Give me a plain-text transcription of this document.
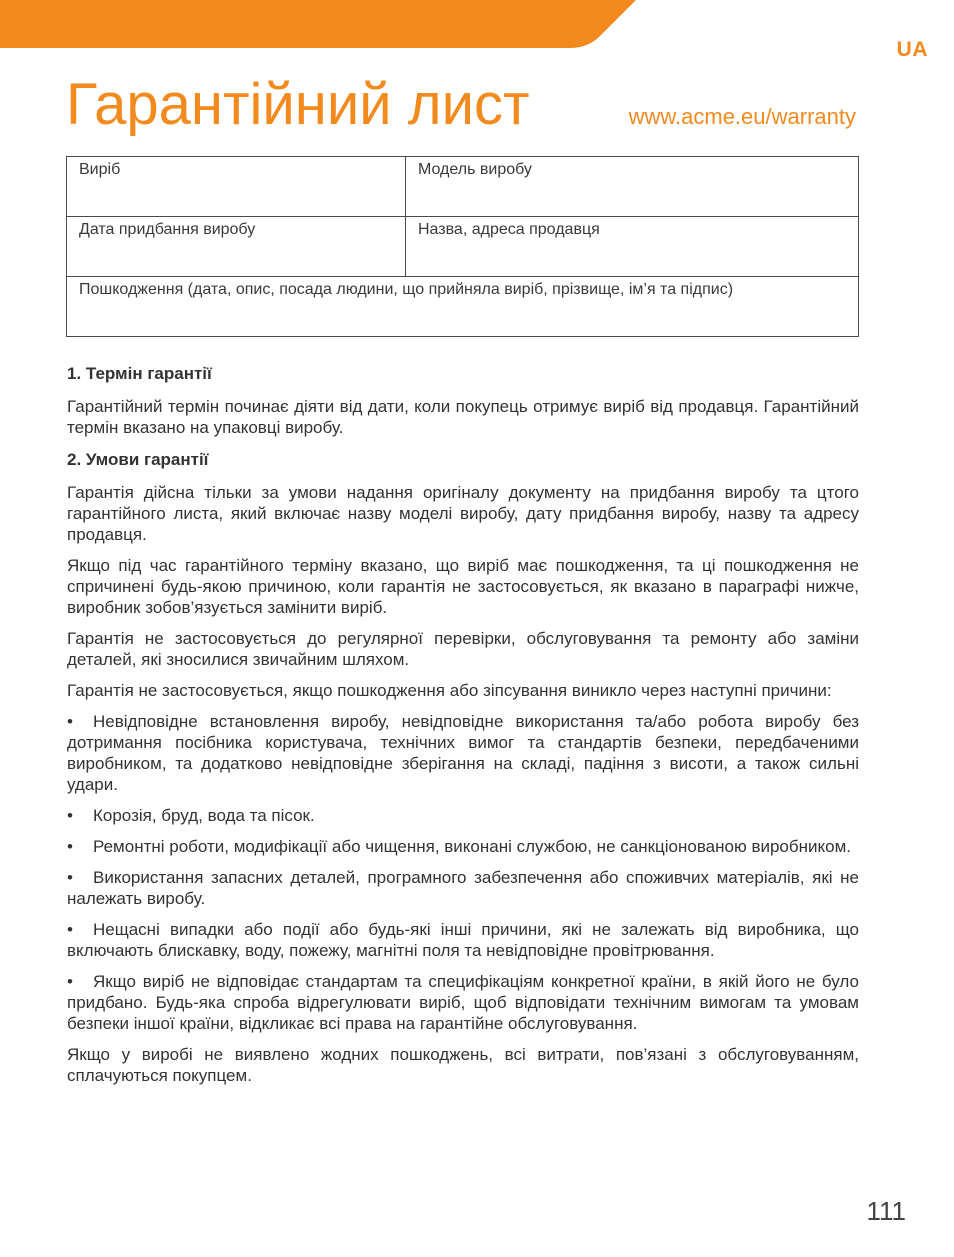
UA
Гарантійний лист	www.acme.eu/warranty
Виріб	Модель виробу
Дата придбання виробу	Назва, адреса продавця
Пошкодження (дата, опис, посада людини, що прийняла виріб, прізвище, ім’я та підпис)	
1. Термін гарантії

Гарантійний термін починає діяти від дати, коли покупець отримує виріб від продавця. Гарантійний термін вказано на упаковці виробу.

2. Умови гарантії

Гарантія дійсна тільки за умови надання оригіналу документу на придбання виробу та цтого гарантійного листа, який включає назву моделі виробу, дату придбання виробу, назву та адресу продавця.

Якщо під час гарантійного терміну вказано, що виріб має пошкодження, та ці пошкодження не спричинені будь-якою причиною, коли гарантія не застосовується, як вказано в параграфі нижче, виробник зобов’язується замінити виріб.

Гарантія не застосовується до регулярної перевірки, обслуговування та ремонту або заміни деталей, які зносилися звичайним шляхом.

Гарантія не застосовується, якщо пошкодження або зіпсування виникло через наступні причини:

• Невідповідне встановлення виробу, невідповідне використання та/або робота виробу без дотримання посібника користувача, технічних вимог та стандартів безпеки, передбаченими виробником, та додатково невідповідне зберігання на складі, падіння з висоти, а також сильні удари.

• Корозія, бруд, вода та пісок.

• Ремонтні роботи, модифікації або чищення, виконані службою, не санкціонованою виробником.

• Використання запасних деталей, програмного забезпечення або споживчих матеріалів, які не належать виробу.

• Нещасні випадки або події або будь-які інші причини, які не залежать від виробника, що включають блискавку, воду, пожежу, магнітні поля та невідповідне провітрювання.

• Якщо виріб не відповідає стандартам та специфікаціям конкретної країни, в якій його не було придбано. Будь-яка спроба відрегулювати виріб, щоб відповідати технічним вимогам та умовам безпеки іншої країни, відкликає всі права на гарантійне обслуговування.

Якщо у виробі не виявлено жодних пошкоджень, всі витрати, пов’язані з обслуговуванням, сплачуються покупцем.

111
